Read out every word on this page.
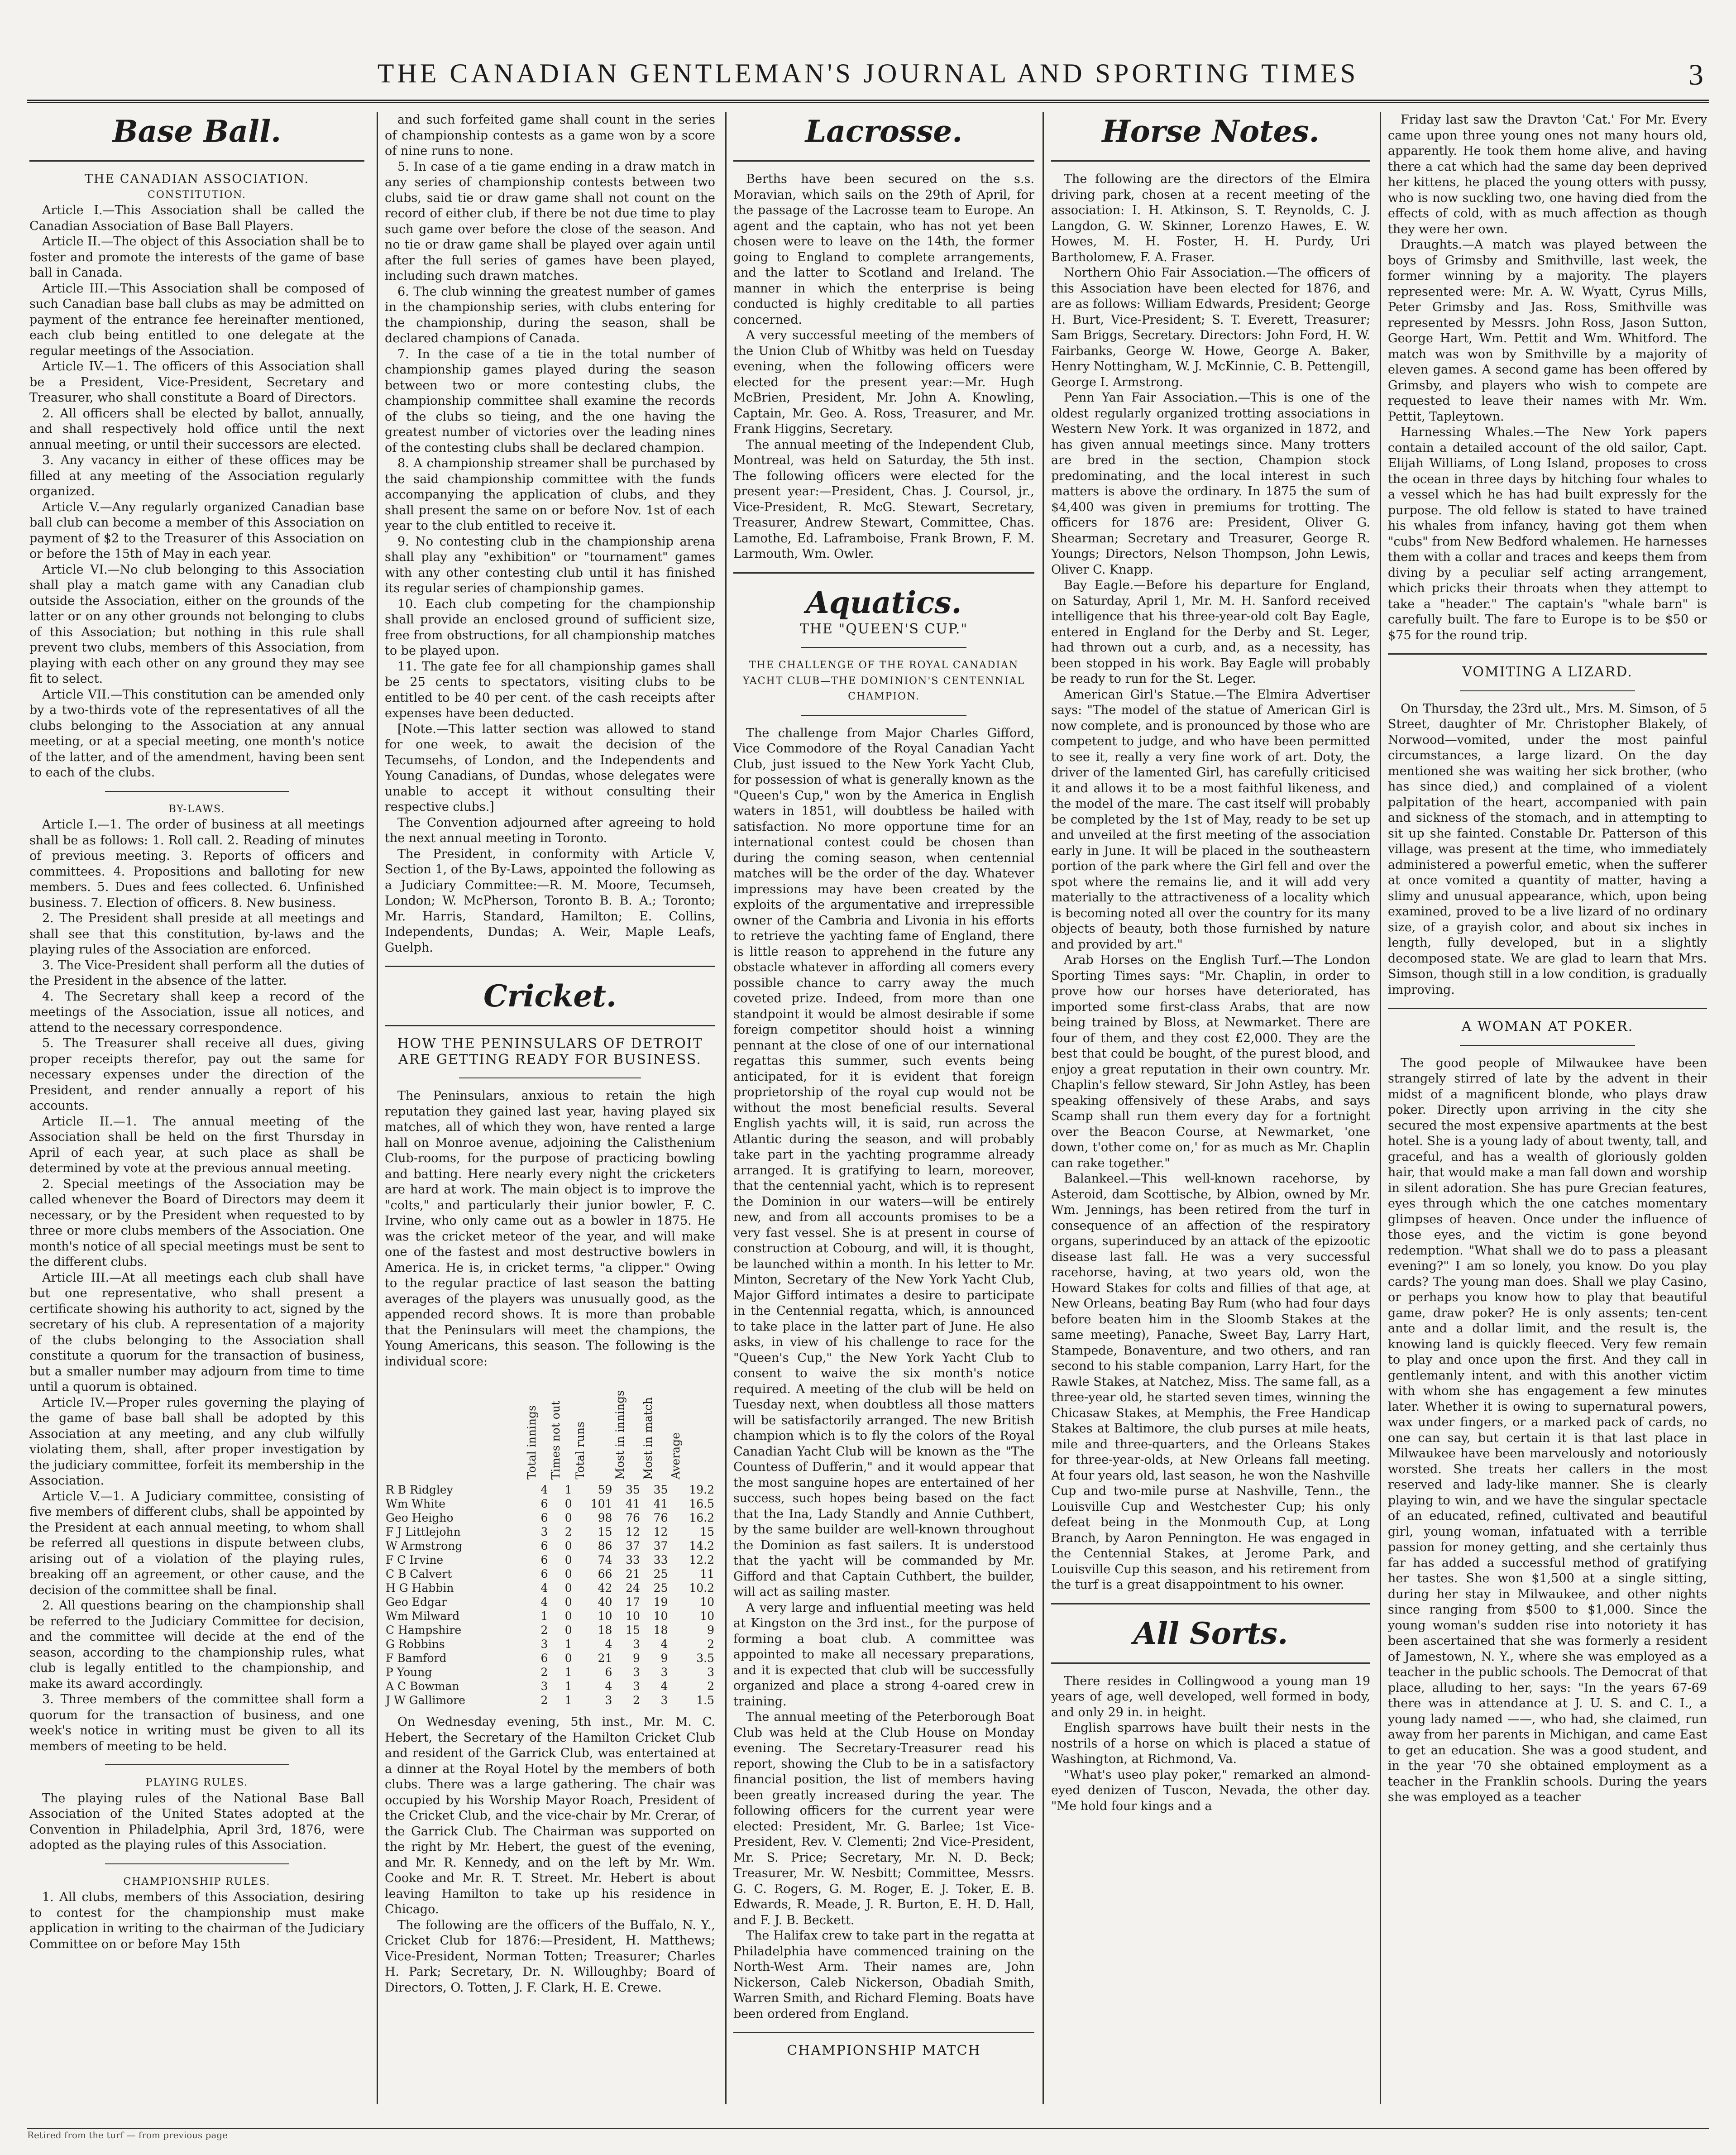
THE CANADIAN GENTLEMAN'S JOURNAL AND SPORTING TIMES	3

Base Ball.

THE CANADIAN ASSOCIATION.

CONSTITUTION.

Article I.—This Association shall be called the Canadian Association of Base Ball Players.

Article II.—The object of this Association shall be to foster and promote the interests of the game of base ball in Canada.

Article III.—This Association shall be composed of such Canadian base ball clubs as may be admitted on payment of the entrance fee hereinafter mentioned, each club being entitled to one delegate at the regular meetings of the Association.

Article IV.—1. The officers of this Association shall be a President, Vice-President, Secretary and Treasurer, who shall constitute a Board of Directors.

2. All officers shall be elected by ballot, annually, and shall respectively hold office until the next annual meeting, or until their successors are elected.

3. Any vacancy in either of these offices may be filled at any meeting of the Association regularly organized.

Article V.—Any regularly organized Canadian base ball club can become a member of this Association on payment of $2 to the Treasurer of this Association on or before the 15th of May in each year.

Article VI.—No club belonging to this Association shall play a match game with any Canadian club outside the Association, either on the grounds of the latter or on any other grounds not belonging to clubs of this Association; but nothing in this rule shall prevent two clubs, members of this Association, from playing with each other on any ground they may see fit to select.

Article VII.—This constitution can be amended only by a two-thirds vote of the representatives of all the clubs belonging to the Association at any annual meeting, or at a special meeting, one month's notice of the latter, and of the amendment, having been sent to each of the clubs.

BY-LAWS.

Article I.—1. The order of business at all meetings shall be as follows: 1. Roll call. 2. Reading of minutes of previous meeting. 3. Reports of officers and committees. 4. Propositions and balloting for new members. 5. Dues and fees collected. 6. Unfinished business. 7. Election of officers. 8. New business.

2. The President shall preside at all meetings and shall see that this constitution, by-laws and the playing rules of the Association are enforced.

3. The Vice-President shall perform all the duties of the President in the absence of the latter.

4. The Secretary shall keep a record of the meetings of the Association, issue all notices, and attend to the necessary correspondence.

5. The Treasurer shall receive all dues, giving proper receipts therefor, pay out the same for necessary expenses under the direction of the President, and render annually a report of his accounts.

Article II.—1. The annual meeting of the Association shall be held on the first Thursday in April of each year, at such place as shall be determined by vote at the previous annual meeting.

2. Special meetings of the Association may be called whenever the Board of Directors may deem it necessary, or by the President when requested to by three or more clubs members of the Association. One month's notice of all special meetings must be sent to the different clubs.

Article III.—At all meetings each club shall have but one representative, who shall present a certificate showing his authority to act, signed by the secretary of his club. A representation of a majority of the clubs belonging to the Association shall constitute a quorum for the transaction of business, but a smaller number may adjourn from time to time until a quorum is obtained.

Article IV.—Proper rules governing the playing of the game of base ball shall be adopted by this Association at any meeting, and any club wilfully violating them, shall, after proper investigation by the judiciary committee, forfeit its membership in the Association.

Article V.—1. A Judiciary committee, consisting of five members of different clubs, shall be appointed by the President at each annual meeting, to whom shall be referred all questions in dispute between clubs, arising out of a violation of the playing rules, breaking off an agreement, or other cause, and the decision of the committee shall be final.

2. All questions bearing on the championship shall be referred to the Judiciary Committee for decision, and the committee will decide at the end of the season, according to the championship rules, what club is legally entitled to the championship, and make its award accordingly.

3. Three members of the committee shall form a quorum for the transaction of business, and one week's notice in writing must be given to all its members of meeting to be held.

PLAYING RULES.

The playing rules of the National Base Ball Association of the United States adopted at the Convention in Philadelphia, April 3rd, 1876, were adopted as the playing rules of this Association.

CHAMPIONSHIP RULES.

1. All clubs, members of this Association, desiring to contest for the championship must make application in writing to the chairman of the Judiciary Committee on or before May 15th

and such forfeited game shall count in the series of championship contests as a game won by a score of nine runs to none.

5. In case of a tie game ending in a draw match in any series of championship contests between two clubs, said tie or draw game shall not count on the record of either club, if there be not due time to play such game over before the close of the season. And no tie or draw game shall be played over again until after the full series of games have been played, including such drawn matches.

6. The club winning the greatest number of games in the championship series, with clubs entering for the championship, during the season, shall be declared champions of Canada.

7. In the case of a tie in the total number of championship games played during the season between two or more contesting clubs, the championship committee shall examine the records of the clubs so tieing, and the one having the greatest number of victories over the leading nines of the contesting clubs shall be declared champion.

8. A championship streamer shall be purchased by the said championship committee with the funds accompanying the application of clubs, and they shall present the same on or before Nov. 1st of each year to the club entitled to receive it.

9. No contesting club in the championship arena shall play any "exhibition" or "tournament" games with any other contesting club until it has finished its regular series of championship games.

10. Each club competing for the championship shall provide an enclosed ground of sufficient size, free from obstructions, for all championship matches to be played upon.

11. The gate fee for all championship games shall be 25 cents to spectators, visiting clubs to be entitled to be 40 per cent. of the cash receipts after expenses have been deducted.

[Note.—This latter section was allowed to stand for one week, to await the decision of the Tecumsehs, of London, and the Independents and Young Canadians, of Dundas, whose delegates were unable to accept it without consulting their respective clubs.]

The Convention adjourned after agreeing to hold the next annual meeting in Toronto.

The President, in conformity with Article V, Section 1, of the By-Laws, appointed the following as a Judiciary Committee:—R. M. Moore, Tecumseh, London; W. McPherson, Toronto B. B. A.; Toronto; Mr. Harris, Standard, Hamilton; E. Collins, Independents, Dundas; A. Weir, Maple Leafs, Guelph.

Cricket.

HOW THE PENINSULARS OF DETROIT ARE GETTING READY FOR BUSINESS.

The Peninsulars, anxious to retain the high reputation they gained last year, having played six matches, all of which they won, have rented a large hall on Monroe avenue, adjoining the Calisthenium Club-rooms, for the purpose of practicing bowling and batting. Here nearly every night the cricketers are hard at work. The main object is to improve the "colts," and particularly their junior bowler, F. C. Irvine, who only came out as a bowler in 1875. He was the cricket meteor of the year, and will make one of the fastest and most destructive bowlers in America. He is, in cricket terms, "a clipper." Owing to the regular practice of last season the batting averages of the players was unusually good, as the appended record shows. It is more than probable that the Peninsulars will meet the champions, the Young Americans, this season. The following is the individual score:

	Total innings	Times not out	Total runs	Most in innings	Most in match	Average
R B Ridgley	4	1	59	35	35	19.2
Wm White	6	0	101	41	41	16.5
Geo Heigho	6	0	98	76	76	16.2
F J Littlejohn	3	2	15	12	12	15
W Armstrong	6	0	86	37	37	14.2
F C Irvine	6	0	74	33	33	12.2
C B Calvert	6	0	66	21	25	11
H G Habbin	4	0	42	24	25	10.2
Geo Edgar	4	0	40	17	19	10
Wm Milward	1	0	10	10	10	10
C Hampshire	2	0	18	15	18	9
G Robbins	3	1	4	3	4	2
F Bamford	6	0	21	9	9	3.5
P Young	2	1	6	3	3	3
A C Bowman	3	1	4	3	4	2
J W Gallimore	2	1	3	2	3	1.5

On Wednesday evening, 5th inst., Mr. M. C. Hebert, the Secretary of the Hamilton Cricket Club and resident of the Garrick Club, was entertained at a dinner at the Royal Hotel by the members of both clubs. There was a large gathering. The chair was occupied by his Worship Mayor Roach, President of the Cricket Club, and the vice-chair by Mr. Crerar, of the Garrick Club. The Chairman was supported on the right by Mr. Hebert, the guest of the evening, and Mr. R. Kennedy, and on the left by Mr. Wm. Cooke and Mr. R. T. Street. Mr. Hebert is about leaving Hamilton to take up his residence in Chicago.

The following are the officers of the Buffalo, N. Y., Cricket Club for 1876:—President, H. Matthews; Vice-President, Norman Totten; Treasurer; Charles H. Park; Secretary, Dr. N. Willoughby; Board of Directors, O. Totten, J. F. Clark, H. E. Crewe.

Lacrosse.

Berths have been secured on the s.s. Moravian, which sails on the 29th of April, for the passage of the Lacrosse team to Europe. An agent and the captain, who has not yet been chosen were to leave on the 14th, the former going to England to complete arrangements, and the latter to Scotland and Ireland. The manner in which the enterprise is being conducted is highly creditable to all parties concerned.

A very successful meeting of the members of the Union Club of Whitby was held on Tuesday evening, when the following officers were elected for the present year:—Mr. Hugh McBrien, President, Mr. John A. Knowling, Captain, Mr. Geo. A. Ross, Treasurer, and Mr. Frank Higgins, Secretary.

The annual meeting of the Independent Club, Montreal, was held on Saturday, the 5th inst. The following officers were elected for the present year:—President, Chas. J. Coursol, jr., Vice-President, R. McG. Stewart, Secretary, Treasurer, Andrew Stewart, Committee, Chas. Lamothe, Ed. Laframboise, Frank Brown, F. M. Larmouth, Wm. Owler.

Aquatics.

THE "QUEEN'S CUP."

THE CHALLENGE OF THE ROYAL CANADIAN YACHT CLUB—THE DOMINION'S CENTENNIAL CHAMPION.

The challenge from Major Charles Gifford, Vice Commodore of the Royal Canadian Yacht Club, just issued to the New York Yacht Club, for possession of what is generally known as the "Queen's Cup," won by the America in English waters in 1851, will doubtless be hailed with satisfaction. No more opportune time for an international contest could be chosen than during the coming season, when centennial matches will be the order of the day. Whatever impressions may have been created by the exploits of the argumentative and irrepressible owner of the Cambria and Livonia in his efforts to retrieve the yachting fame of England, there is little reason to apprehend in the future any obstacle whatever in affording all comers every possible chance to carry away the much coveted prize. Indeed, from more than one standpoint it would be almost desirable if some foreign competitor should hoist a winning pennant at the close of one of our international regattas this summer, such events being anticipated, for it is evident that foreign proprietorship of the royal cup would not be without the most beneficial results. Several English yachts will, it is said, run across the Atlantic during the season, and will probably take part in the yachting programme already arranged. It is gratifying to learn, moreover, that the centennial yacht, which is to represent the Dominion in our waters—will be entirely new, and from all accounts promises to be a very fast vessel. She is at present in course of construction at Cobourg, and will, it is thought, be launched within a month. In his letter to Mr. Minton, Secretary of the New York Yacht Club, Major Gifford intimates a desire to participate in the Centennial regatta, which, is announced to take place in the latter part of June. He also asks, in view of his challenge to race for the "Queen's Cup," the New York Yacht Club to consent to waive the six month's notice required. A meeting of the club will be held on Tuesday next, when doubtless all those matters will be satisfactorily arranged. The new British champion which is to fly the colors of the Royal Canadian Yacht Club will be known as the "The Countess of Dufferin," and it would appear that the most sanguine hopes are entertained of her success, such hopes being based on the fact that the Ina, Lady Standly and Annie Cuthbert, by the same builder are well-known throughout the Dominion as fast sailers. It is understood that the yacht will be commanded by Mr. Gifford and that Captain Cuthbert, the builder, will act as sailing master.

A very large and influential meeting was held at Kingston on the 3rd inst., for the purpose of forming a boat club. A committee was appointed to make all necessary preparations, and it is expected that club will be successfully organized and place a strong 4-oared crew in training.

The annual meeting of the Peterborough Boat Club was held at the Club House on Monday evening. The Secretary-Treasurer read his report, showing the Club to be in a satisfactory financial position, the list of members having been greatly increased during the year. The following officers for the current year were elected: President, Mr. G. Barlee; 1st Vice-President, Rev. V. Clementi; 2nd Vice-President, Mr. S. Price; Secretary, Mr. N. D. Beck; Treasurer, Mr. W. Nesbitt; Committee, Messrs. G. C. Rogers, G. M. Roger, E. J. Toker, E. B. Edwards, R. Meade, J. R. Burton, E. H. D. Hall, and F. J. B. Beckett.

The Halifax crew to take part in the regatta at Philadelphia have commenced training on the North-West Arm. Their names are, John Nickerson, Caleb Nickerson, Obadiah Smith, Warren Smith, and Richard Fleming. Boats have been ordered from England.

CHAMPIONSHIP MATCH

Horse Notes.

The following are the directors of the Elmira driving park, chosen at a recent meeting of the association: I. H. Atkinson, S. T. Reynolds, C. J. Langdon, G. W. Skinner, Lorenzo Hawes, E. W. Howes, M. H. Foster, H. H. Purdy, Uri Bartholomew, F. A. Fraser.

Northern Ohio Fair Association.—The officers of this Association have been elected for 1876, and are as follows: William Edwards, President; George H. Burt, Vice-President; S. T. Everett, Treasurer; Sam Briggs, Secretary. Directors: John Ford, H. W. Fairbanks, George W. Howe, George A. Baker, Henry Nottingham, W. J. McKinnie, C. B. Pettengill, George I. Armstrong.

Penn Yan Fair Association.—This is one of the oldest regularly organized trotting associations in Western New York. It was organized in 1872, and has given annual meetings since. Many trotters are bred in the section, Champion stock predominating, and the local interest in such matters is above the ordinary. In 1875 the sum of $4,400 was given in premiums for trotting. The officers for 1876 are: President, Oliver G. Shearman; Secretary and Treasurer, George R. Youngs; Directors, Nelson Thompson, John Lewis, Oliver C. Knapp.

Bay Eagle.—Before his departure for England, on Saturday, April 1, Mr. M. H. Sanford received intelligence that his three-year-old colt Bay Eagle, entered in England for the Derby and St. Leger, had thrown out a curb, and, as a necessity, has been stopped in his work. Bay Eagle will probably be ready to run for the St. Leger.

American Girl's Statue.—The Elmira Advertiser says: "The model of the statue of American Girl is now complete, and is pronounced by those who are competent to judge, and who have been permitted to see it, really a very fine work of art. Doty, the driver of the lamented Girl, has carefully criticised it and allows it to be a most faithful likeness, and the model of the mare. The cast itself will probably be completed by the 1st of May, ready to be set up and unveiled at the first meeting of the association early in June. It will be placed in the southeastern portion of the park where the Girl fell and over the spot where the remains lie, and it will add very materially to the attractiveness of a locality which is becoming noted all over the country for its many objects of beauty, both those furnished by nature and provided by art."

Arab Horses on the English Turf.—The London Sporting Times says: "Mr. Chaplin, in order to prove how our horses have deteriorated, has imported some first-class Arabs, that are now being trained by Bloss, at Newmarket. There are four of them, and they cost £2,000. They are the best that could be bought, of the purest blood, and enjoy a great reputation in their own country. Mr. Chaplin's fellow steward, Sir John Astley, has been speaking offensively of these Arabs, and says Scamp shall run them every day for a fortnight over the Beacon Course, at Newmarket, 'one down, t'other come on,' for as much as Mr. Chaplin can rake together."

Balankeel.—This well-known racehorse, by Asteroid, dam Scottische, by Albion, owned by Mr. Wm. Jennings, has been retired from the turf in consequence of an affection of the respiratory organs, superinduced by an attack of the epizootic disease last fall. He was a very successful racehorse, having, at two years old, won the Howard Stakes for colts and fillies of that age, at New Orleans, beating Bay Rum (who had four days before beaten him in the Sloomb Stakes at the same meeting), Panache, Sweet Bay, Larry Hart, Stampede, Bonaventure, and two others, and ran second to his stable companion, Larry Hart, for the Rawle Stakes, at Natchez, Miss. The same fall, as a three-year old, he started seven times, winning the Chicasaw Stakes, at Memphis, the Free Handicap Stakes at Baltimore, the club purses at mile heats, mile and three-quarters, and the Orleans Stakes for three-year-olds, at New Orleans fall meeting. At four years old, last season, he won the Nashville Cup and two-mile purse at Nashville, Tenn., the Louisville Cup and Westchester Cup; his only defeat being in the Monmouth Cup, at Long Branch, by Aaron Pennington. He was engaged in the Centennial Stakes, at Jerome Park, and Louisville Cup this season, and his retirement from the turf is a great disappointment to his owner.

All Sorts.

There resides in Collingwood a young man 19 years of age, well developed, well formed in body, and only 29 in. in height.

English sparrows have built their nests in the nostrils of a horse on which is placed a statue of Washington, at Richmond, Va.

"What's useo play poker," remarked an almond-eyed denizen of Tuscon, Nevada, the other day. "Me hold four kings and a

Friday last saw the Dravton 'Cat.' For Mr. Every came upon three young ones not many hours old, apparently. He took them home alive, and having there a cat which had the same day been deprived her kittens, he placed the young otters with pussy, who is now suckling two, one having died from the effects of cold, with as much affection as though they were her own.

Draughts.—A match was played between the boys of Grimsby and Smithville, last week, the former winning by a majority. The players represented were: Mr. A. W. Wyatt, Cyrus Mills, Peter Grimsby and Jas. Ross, Smithville was represented by Messrs. John Ross, Jason Sutton, George Hart, Wm. Pettit and Wm. Whitford. The match was won by Smithville by a majority of eleven games. A second game has been offered by Grimsby, and players who wish to compete are requested to leave their names with Mr. Wm. Pettit, Tapleytown.

Harnessing Whales.—The New York papers contain a detailed account of the old sailor, Capt. Elijah Williams, of Long Island, proposes to cross the ocean in three days by hitching four whales to a vessel which he has had built expressly for the purpose. The old fellow is stated to have trained his whales from infancy, having got them when "cubs" from New Bedford whalemen. He harnesses them with a collar and traces and keeps them from diving by a peculiar self acting arrangement, which pricks their throats when they attempt to take a "header." The captain's "whale barn" is carefully built. The fare to Europe is to be $50 or $75 for the round trip.

VOMITING A LIZARD.

On Thursday, the 23rd ult., Mrs. M. Simson, of 5 Street, daughter of Mr. Christopher Blakely, of Norwood—vomited, under the most painful circumstances, a large lizard. On the day mentioned she was waiting her sick brother, (who has since died,) and complained of a violent palpitation of the heart, accompanied with pain and sickness of the stomach, and in attempting to sit up she fainted. Constable Dr. Patterson of this village, was present at the time, who immediately administered a powerful emetic, when the sufferer at once vomited a quantity of matter, having a slimy and unusual appearance, which, upon being examined, proved to be a live lizard of no ordinary size, of a grayish color, and about six inches in length, fully developed, but in a slightly decomposed state. We are glad to learn that Mrs. Simson, though still in a low condition, is gradually improving.

A WOMAN AT POKER.

The good people of Milwaukee have been strangely stirred of late by the advent in their midst of a magnificent blonde, who plays draw poker. Directly upon arriving in the city she secured the most expensive apartments at the best hotel. She is a young lady of about twenty, tall, and graceful, and has a wealth of gloriously golden hair, that would make a man fall down and worship in silent adoration. She has pure Grecian features, eyes through which the one catches momentary glimpses of heaven. Once under the influence of those eyes, and the victim is gone beyond redemption. "What shall we do to pass a pleasant evening?" I am so lonely, you know. Do you play cards? The young man does. Shall we play Casino, or perhaps you know how to play that beautiful game, draw poker? He is only assents; ten-cent ante and a dollar limit, and the result is, the knowing land is quickly fleeced. Very few remain to play and once upon the first. And they call in gentlemanly intent, and with this another victim with whom she has engagement a few minutes later. Whether it is owing to supernatural powers, wax under fingers, or a marked pack of cards, no one can say, but certain it is that last place in Milwaukee have been marvelously and notoriously worsted. She treats her callers in the most reserved and lady-like manner. She is clearly playing to win, and we have the singular spectacle of an educated, refined, cultivated and beautiful girl, young woman, infatuated with a terrible passion for money getting, and she certainly thus far has added a successful method of gratifying her tastes. She won $1,500 at a single sitting, during her stay in Milwaukee, and other nights since ranging from $500 to $1,000. Since the young woman's sudden rise into notoriety it has been ascertained that she was formerly a resident of Jamestown, N. Y., where she was employed as a teacher in the public schools. The Democrat of that place, alluding to her, says: "In the years 67-69 there was in attendance at J. U. S. and C. I., a young lady named ——, who had, she claimed, run away from her parents in Michigan, and came East to get an education. She was a good student, and in the year '70 she obtained employment as a teacher in the Franklin schools. During the years she was employed as a teacher

Retired from the turf — from previous page
